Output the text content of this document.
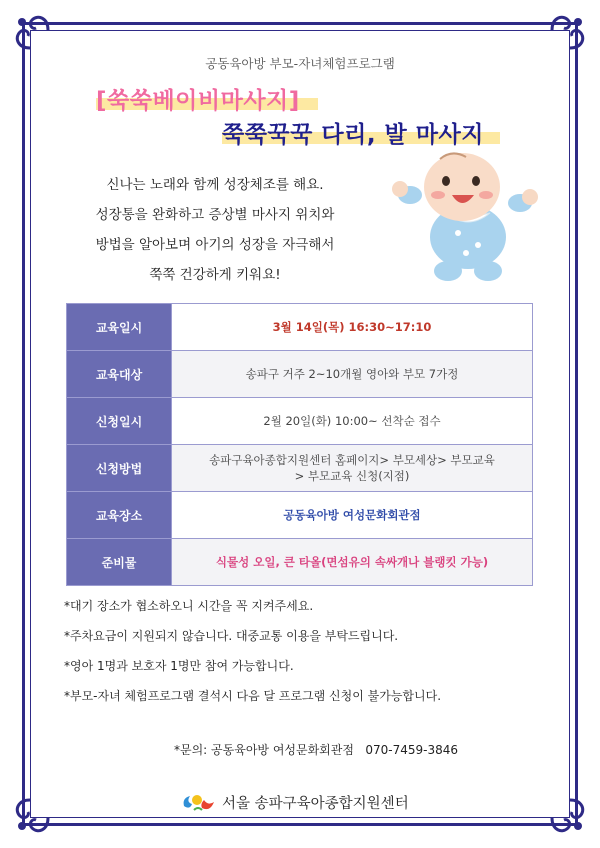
공동육아방 부모-자녀체험프로그램
[쑥쑥베이비마사지]
쭉쭉꾹꾹 다리, 발 마사지
신나는 노래와 함께 성장체조를 해요.
성장통을 완화하고 증상별 마사지 위치와
방법을 알아보며 아기의 성장을 자극해서
쭉쭉 건강하게 키워요!
교육일시	3월 14일(목) 16:30~17:10
교육대상	송파구 거주 2~10개월 영아와 부모 7가정
신청일시	2월 20일(화) 10:00~ 선착순 접수
신청방법	송파구육아종합지원센터 홈페이지> 부모세상> 부모교육
> 부모교육 신청(지점)

교육장소	공동육아방 여성문화회관점
준비물	식물성 오일, 큰 타올(면섬유의 속싸개나 블랭킷 가능)
*대기 장소가 협소하오니 시간을 꼭 지켜주세요.
*주차요금이 지원되지 않습니다. 대중교통 이용을 부탁드립니다.
*영아 1명과 보호자 1명만 참여 가능합니다.
*부모-자녀 체험프로그램 결석시 다음 달 프로그램 신청이 불가능합니다.
*문의: 공동육아방 여성문화회관점   070-7459-3846
서울 송파구육아종합지원센터
